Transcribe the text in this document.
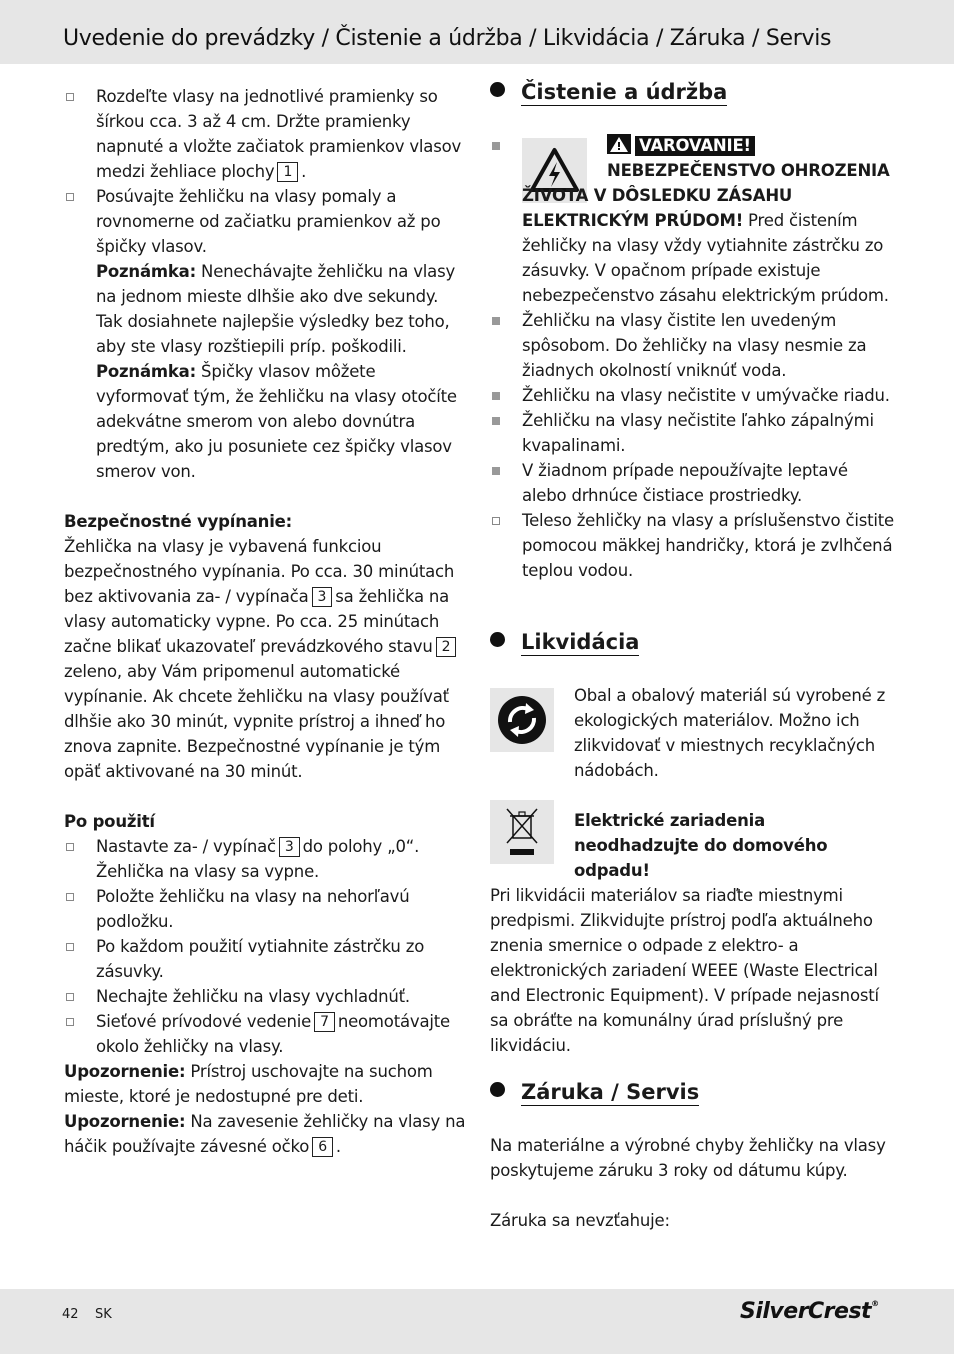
Uvedenie do prevádzky / Čistenie a údržba / Likvidácia / Záruka / Servis
Rozdeľte vlasy na jednotlivé pramienky so šírkou cca. 3 až 4 cm. Držte pramienky napnuté a vložte začiatok pramienkov vlasov medzi žehliace plochy 1 .
Posúvajte žehličku na vlasy pomaly a rovnomerne od začiatku pramienkov až po špičky vlasov.
Poznámka: Nenechávajte žehličku na vlasy na jednom mieste dlhšie ako dve sekundy. Tak dosiahnete najlepšie výsledky bez toho, aby ste vlasy rozštiepili príp. poškodili.
Poznámka: Špičky vlasov môžete vyformovať tým, že žehličku na vlasy otočíte adekvátne smerom von alebo dovnútra predtým, ako ju posuniete cez špičky vlasov smerov von.

Bezpečnostné vypínanie:

Žehlička na vlasy je vybavená funkciou bezpečnostného vypínania. Po cca. 30 minútach bez aktivovania za- / vypínača 3 sa žehlička na vlasy automaticky vypne. Po cca. 25 minútach začne blikať ukazovateľ prevádzkového stavu 2zeleno, aby Vám pripomenul automatické vypínanie. Ak chcete žehličku na vlasy používať dlhšie ako 30 minút, vypnite prístroj a ihneď ho znova zapnite. Bezpečnostné vypínanie je tým opäť aktivované na 30 minút.

Po použití

Nastavte za- / vypínač 3 do polohy „0“. Žehlička na vlasy sa vypne.
Položte žehličku na vlasy na nehorľavú podložku.
Po každom použití vytiahnite zástrčku zo zásuvky.
Nechajte žehličku na vlasy vychladnúť.
Sieťové prívodové vedenie 7 neomotávajte okolo žehličky na vlasy.

Upozornenie: Prístroj uschovajte na suchom mieste, ktoré je nedostupné pre deti.

Upozornenie: Na zavesenie žehličky na vlasy na háčik používajte závesné očko 6 .

Čistenie a údržba
VAROVANIE!
NEBEZPEČENSTVO OHROZENIA ŽIVOTA V DÔSLEDKU ZÁSAHU ELEKTRICKÝM PRÚDOM! Pred čistením žehličky na vlasy vždy vytiahnite zástrčku zo zásuvky. V opačnom prípade existuje nebezpečenstvo zásahu elektrickým prúdom.
Žehličku na vlasy čistite len uvedeným spôsobom. Do žehličky na vlasy nesmie za žiadnych okolností vniknúť voda.
Žehličku na vlasy nečistite v umývačke riadu.
Žehličku na vlasy nečistite ľahko zápalnými kvapalinami.
V žiadnom prípade nepoužívajte leptavé alebo drhnúce čistiace prostriedky.
Teleso žehličky na vlasy a príslušenstvo čistite pomocou mäkkej handričky, ktorá je zvlhčená teplou vodou.
Likvidácia
Obal a obalový materiál sú vyrobené z ekologických materiálov. Možno ich zlikvidovať v miestnych recyklačných nádobách.
Elektrické zariadenia neodhadzujte do domového odpadu!
Pri likvidácii materiálov sa riaďte miestnymi predpismi. Zlikvidujte prístroj podľa aktuálneho znenia smernice o odpade z elektro- a elektronických zariadení WEEE (Waste Electrical and Electronic Equipment). V prípade nejasností sa obráťte na komunálny úrad príslušný pre likvidáciu.
Záruka / Servis
Na materiálne a výrobné chyby žehličky na vlasy poskytujeme záruku 3 roky od dátumu kúpy.
Záruka sa nevzťahuje:
42 SK	SilverCrest®
